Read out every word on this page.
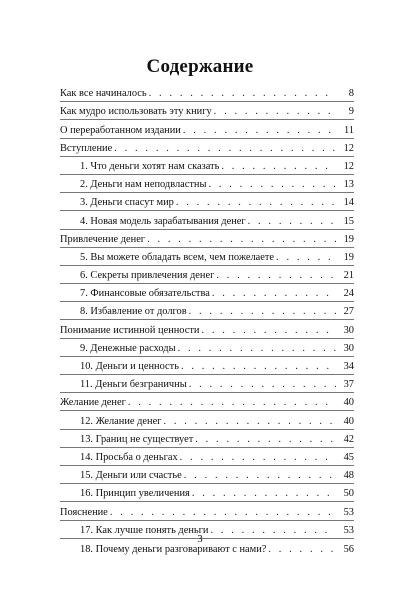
Содержание
Как все начиналось . . .	8
Как мудро использовать эту книгу . . .	9
О переработанном издании . . .	11
Вступление . . .	12
1. Что деньги хотят нам сказать . . .	12
2. Деньги нам неподвластны . . .	13
3. Деньги спасут мир . . .	14
4. Новая модель зарабатывания денег . . .	15
Привлечение денег . . .	19
5. Вы можете обладать всем, чем пожелаете . . .	19
6. Секреты привлечения денег . . .	21
7. Финансовые обязательства . . .	24
8. Избавление от долгов . . .	27
Понимание истинной ценности . . .	30
9. Денежные расходы . . .	30
10. Деньги и ценность . . .	34
11. Деньги безграничны . . .	37
Желание денег . . .	40
12. Желание денег . . .	40
13. Границ не существует . . .	42
14. Просьба о деньгах . . .	45
15. Деньги или счастье . . .	48
16. Принцип увеличения . . .	50
Пояснение . . .	53
17. Как лучше понять деньги . . .	53
18. Почему деньги разговаривают с нами? . . .	56
3
